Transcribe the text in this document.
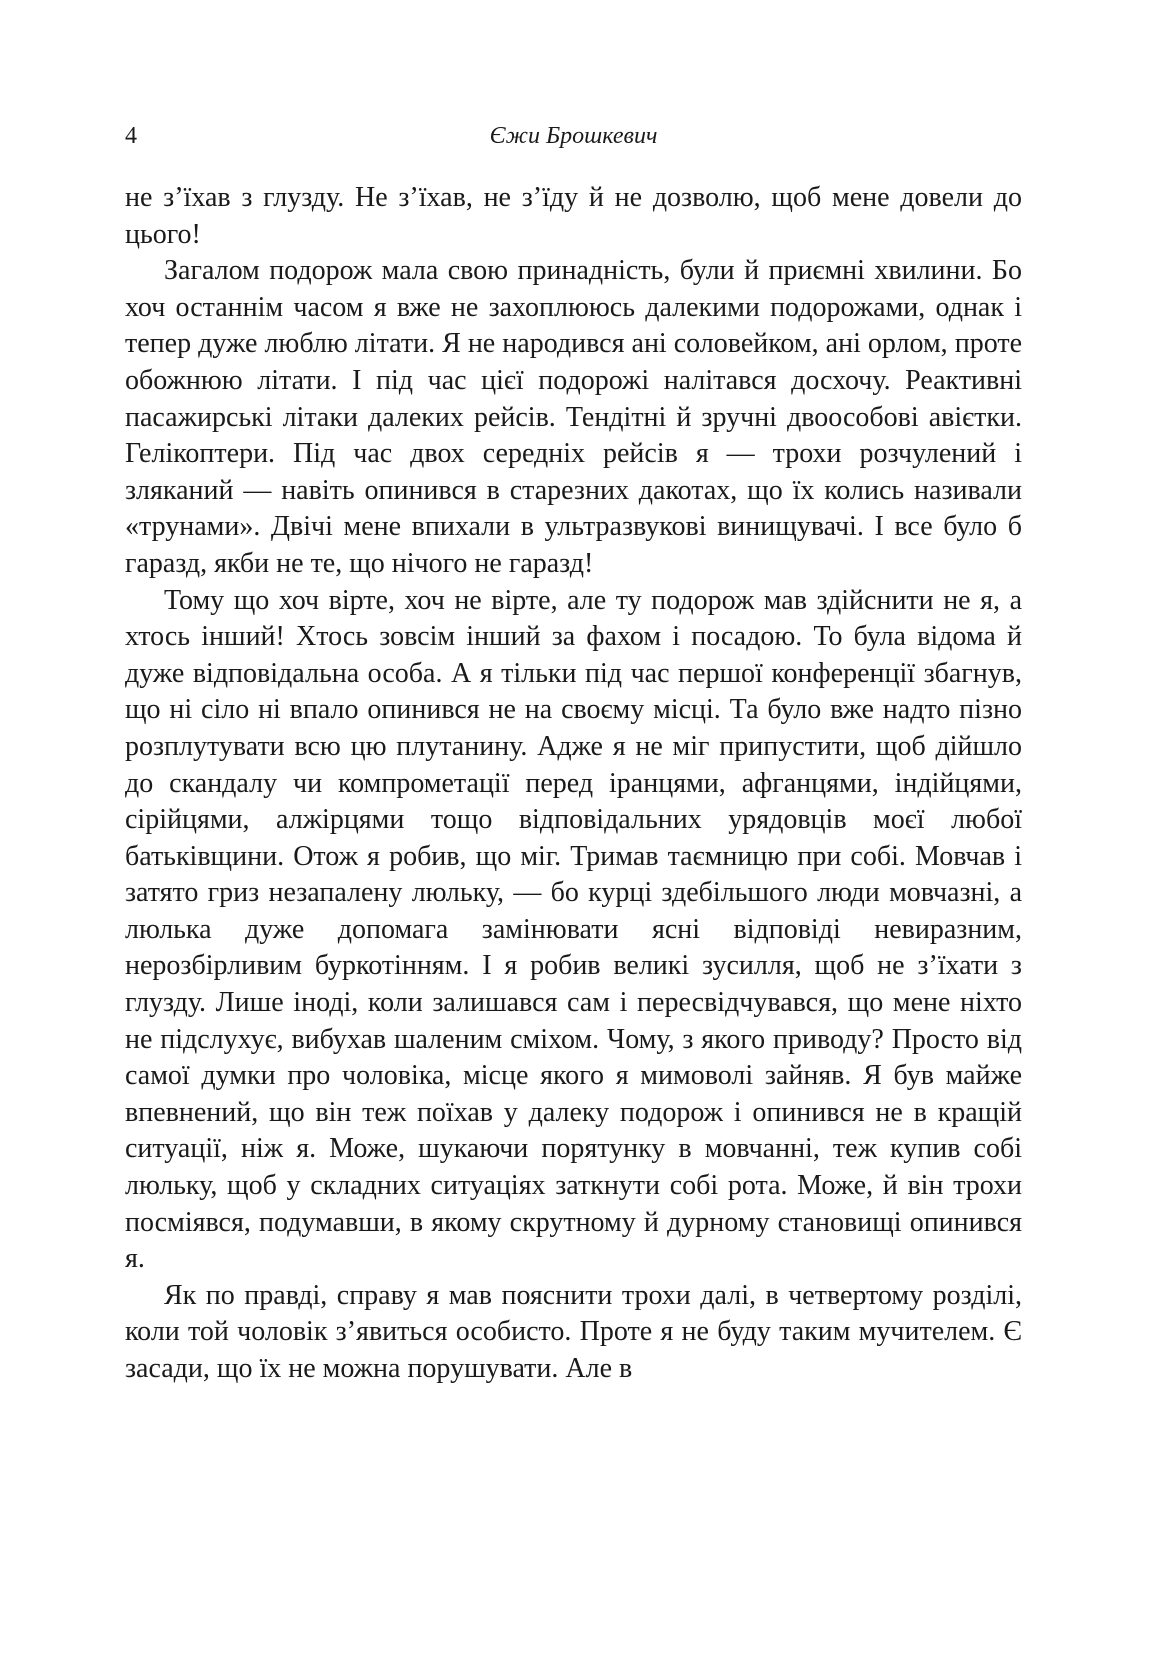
4	Єжи Брошкевич

не з’їхав з глузду. Не з’їхав, не з’їду й не дозволю, щоб мене довели до цього!

Загалом подорож мала свою принадність, були й приємні хвилини. Бо хоч останнім часом я вже не захоплююсь далекими подорожами, однак і тепер дуже люблю літати. Я не народився ані соловейком, ані орлом, проте обожнюю літати. І під час цієї подорожі налітався досхочу. Реактивні пасажирські літаки далеких рейсів. Тендітні й зручні двоособові авієтки. Гелікоптери. Під час двох середніх рейсів я — трохи розчулений і зляканий — навіть опинився в старезних дакотах, що їх колись називали «трунами». Двічі мене впихали в ультразвукові винищувачі. І все було б гаразд, якби не те, що нічого не гаразд!

Тому що хоч вірте, хоч не вірте, але ту подорож мав здійснити не я, а хтось інший! Хтось зовсім інший за фахом і посадою. То була відома й дуже відповідальна особа. А я тільки під час першої конференції збагнув, що ні сіло ні впало опинився не на своєму місці. Та було вже надто пізно розплутувати всю цю плутанину. Адже я не міг припустити, щоб дійшло до скандалу чи компрометації перед іранцями, афганцями, індійцями, сірійцями, алжірцями тощо відповідальних урядовців моєї любої батьківщини. Отож я робив, що міг. Тримав таємницю при собі. Мовчав і затято гриз незапалену люльку, — бо курці здебільшого люди мовчазні, а люлька дуже допомага замінювати ясні відповіді невиразним, нерозбірливим буркотінням. І я робив великі зусилля, щоб не з’їхати з глузду. Лише іноді, коли залишався сам і пересвідчувався, що мене ніхто не підслухує, вибухав шаленим сміхом. Чому, з якого приводу? Просто від самої думки про чоловіка, місце якого я мимоволі зайняв. Я був майже впевнений, що він теж поїхав у далеку подорож і опинився не в кращій ситуації, ніж я. Може, шукаючи порятунку в мовчанні, теж купив собі люльку, щоб у складних ситуаціях заткнути собі рота. Може, й він трохи посміявся, подумавши, в якому скрутному й дурному становищі опинився я.

Як по правді, справу я мав пояснити трохи далі, в четвертому розділі, коли той чоловік з’явиться особисто. Проте я не буду таким мучителем. Є засади, що їх не можна порушувати. Але в
